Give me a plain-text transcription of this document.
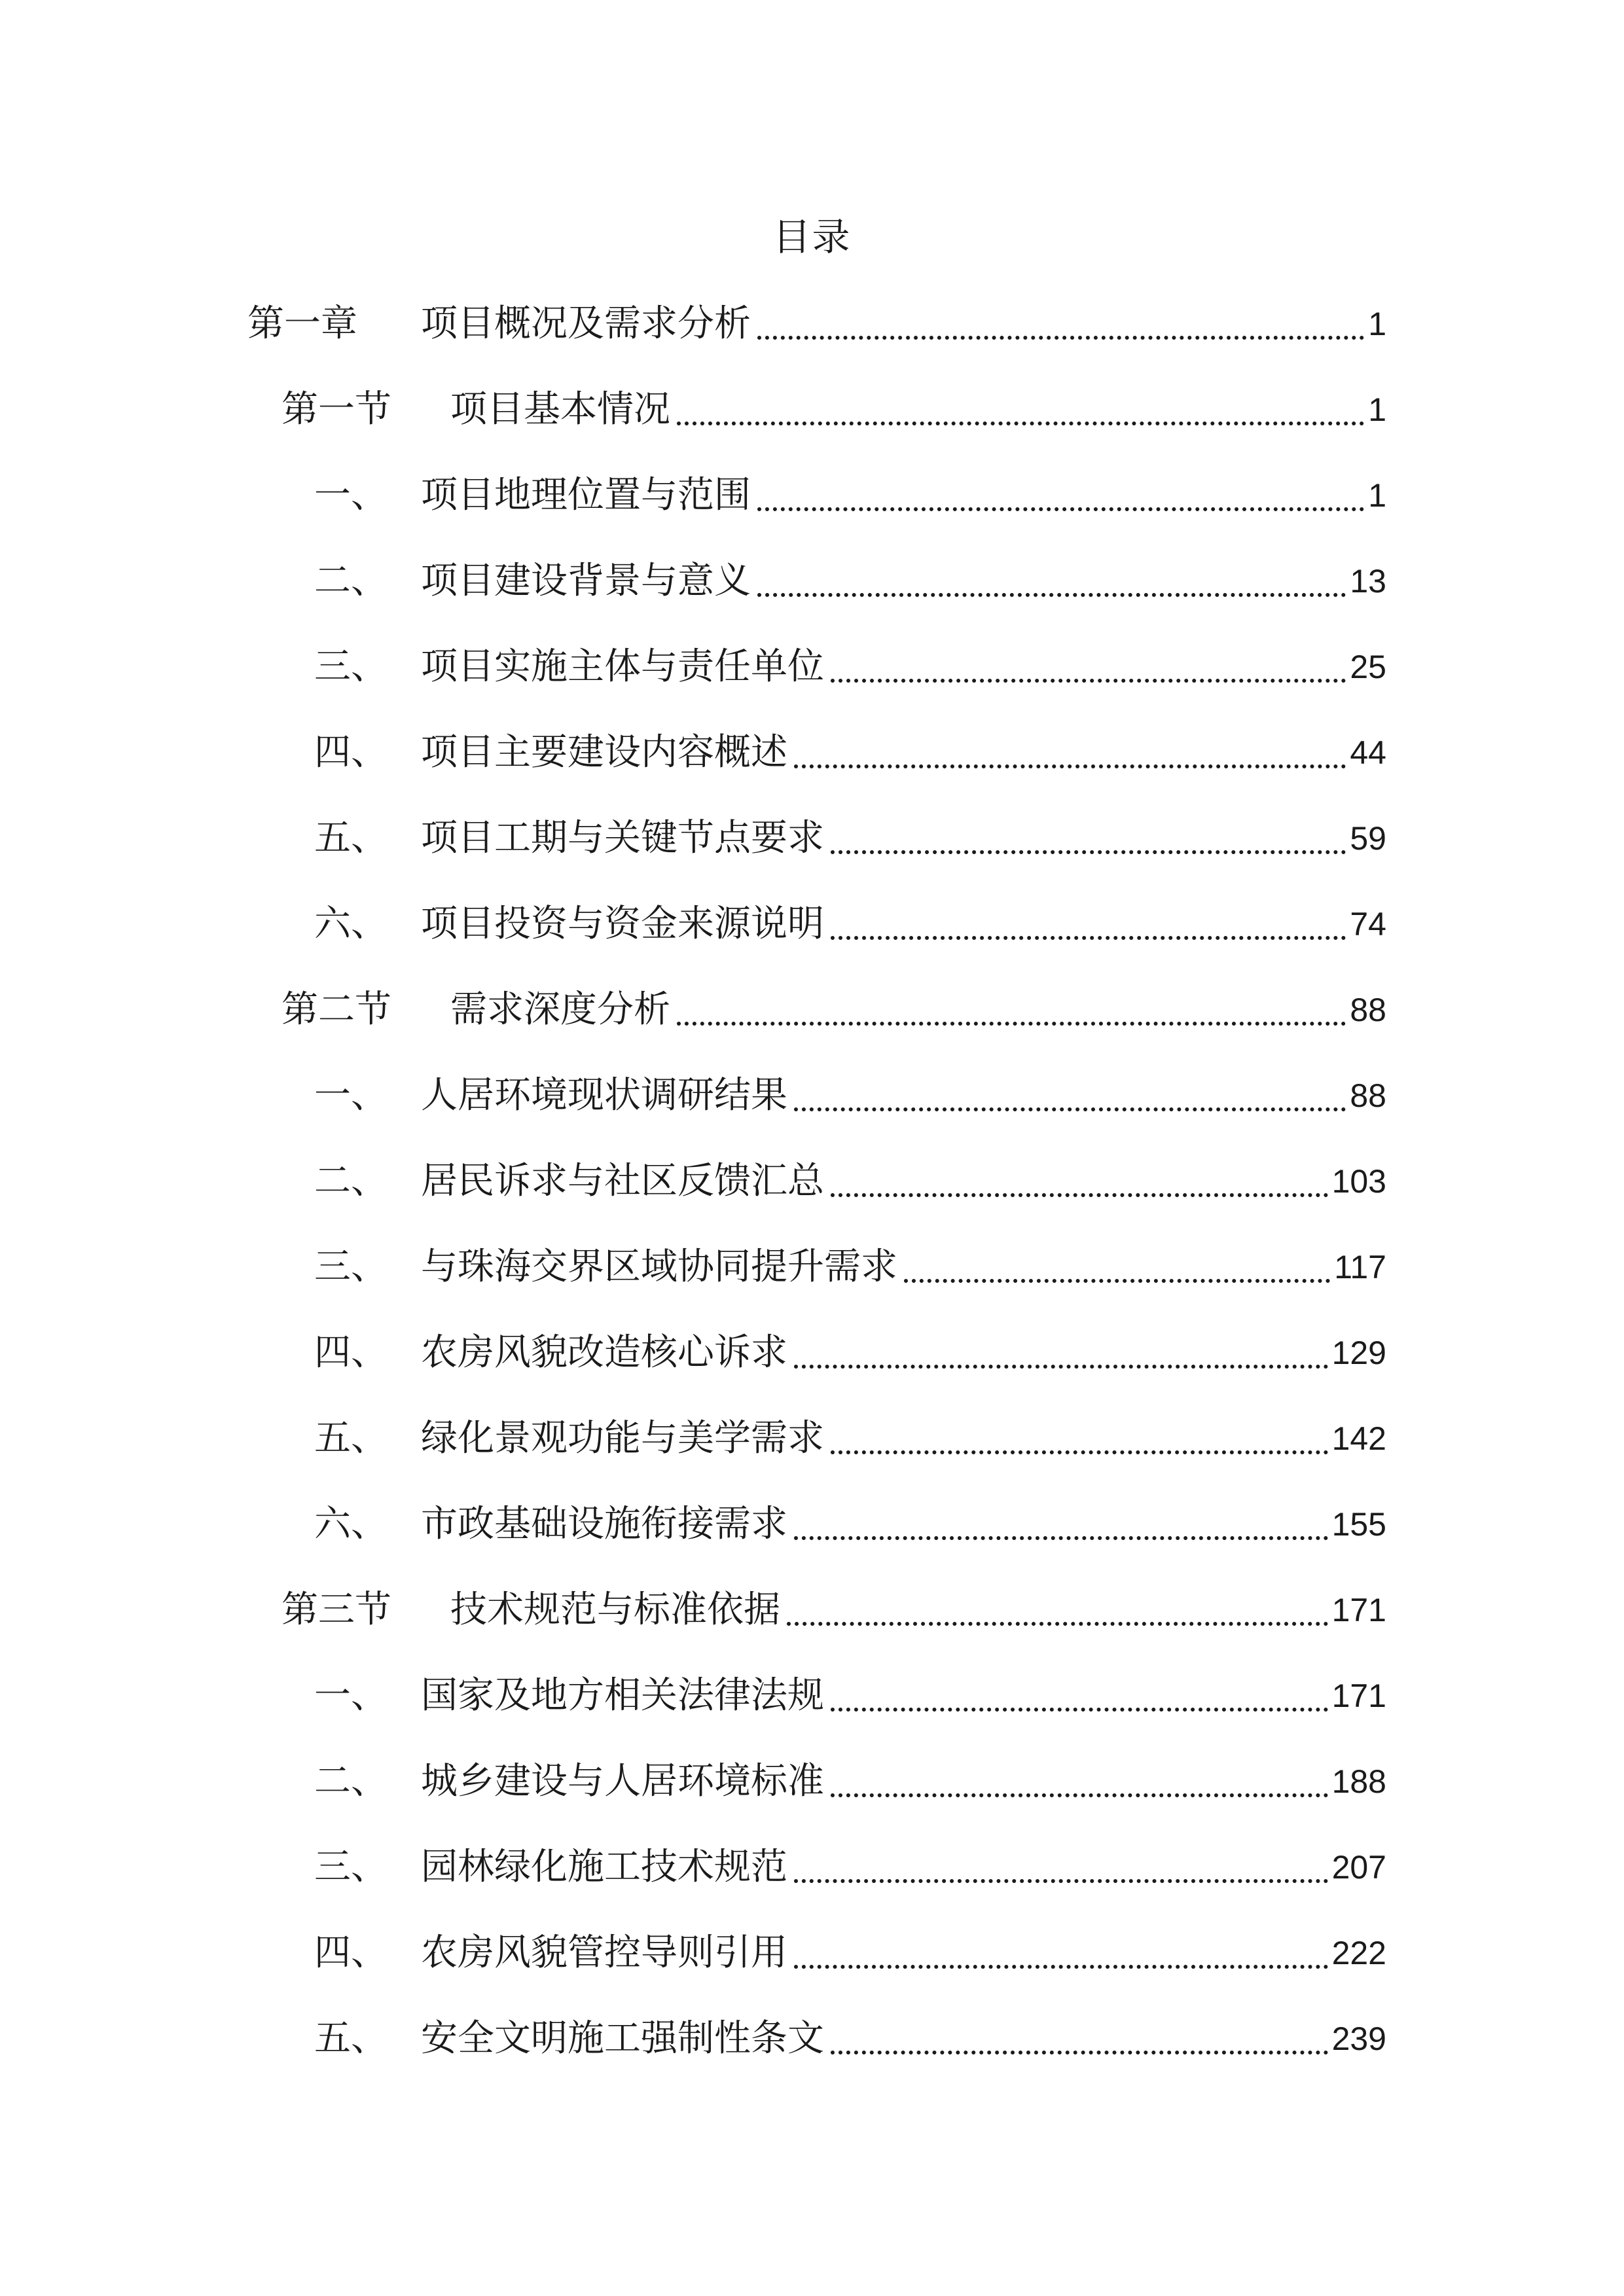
目录
第一章 项目概况及需求分析	1
第一节 项目基本情况	1
一、 项目地理位置与范围	1
二、 项目建设背景与意义	13
三、 项目实施主体与责任单位	25
四、 项目主要建设内容概述	44
五、 项目工期与关键节点要求	59
六、 项目投资与资金来源说明	74
第二节 需求深度分析	88
一、 人居环境现状调研结果	88
二、 居民诉求与社区反馈汇总	103
三、 与珠海交界区域协同提升需求	117
四、 农房风貌改造核心诉求	129
五、 绿化景观功能与美学需求	142
六、 市政基础设施衔接需求	155
第三节 技术规范与标准依据	171
一、 国家及地方相关法律法规	171
二、 城乡建设与人居环境标准	188
三、 园林绿化施工技术规范	207
四、 农房风貌管控导则引用	222
五、 安全文明施工强制性条文	239
